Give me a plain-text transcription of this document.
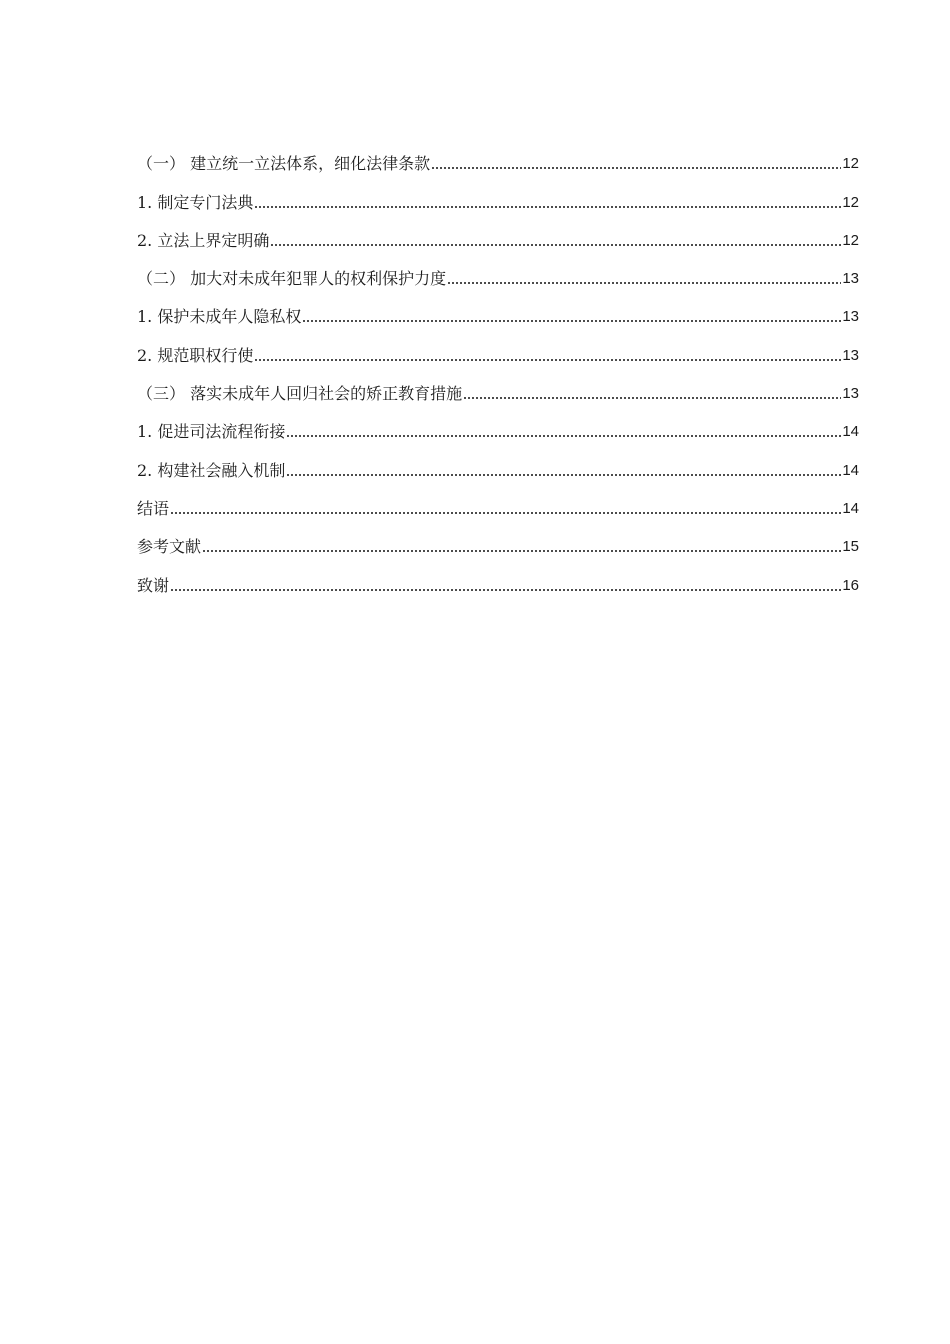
（一） 建立统一立法体系，细化法律条款	12
1. 制定专门法典	12
2. 立法上界定明确	12
（二） 加大对未成年犯罪人的权利保护力度	13
1. 保护未成年人隐私权	13
2. 规范职权行使	13
（三） 落实未成年人回归社会的矫正教育措施	13
1. 促进司法流程衔接	14
2. 构建社会融入机制	14
结语	14
参考文献	15
致谢	16
